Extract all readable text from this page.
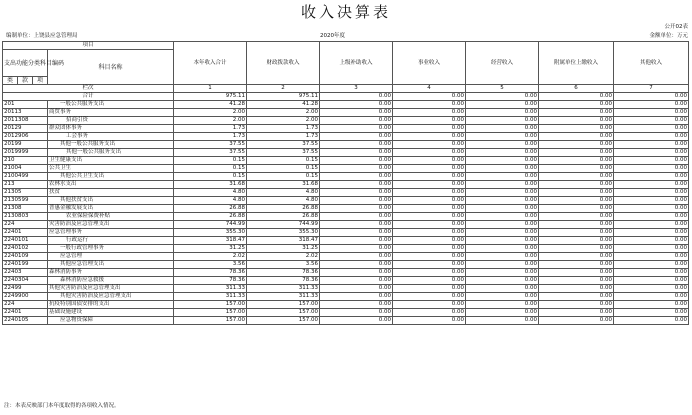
收入决算表
公开02表
编制单位：上饶县应急管理局	2020年度	金额单位：万元
项目				本年收入合计	财政拨款收入	上级补助收入	事业收入	经营收入	附属单位上缴收入	其他收入
支出功能分类科目编码			科目名称							
类	款	项								
栏次				1	2	3	4	5	6	7
合计				975.11	975.11	0.00	0.00	0.00	0.00	0.00
201			一般公共服务支出	41.28	41.28	0.00	0.00	0.00	0.00	0.00
20113			商贸事务	2.00	2.00	0.00	0.00	0.00	0.00	0.00
2011308			招商引资	2.00	2.00	0.00	0.00	0.00	0.00	0.00
20129			群众团体事务	1.73	1.73	0.00	0.00	0.00	0.00	0.00
2012906			工会事务	1.73	1.73	0.00	0.00	0.00	0.00	0.00
20199			其他一般公共服务支出	37.55	37.55	0.00	0.00	0.00	0.00	0.00
2019999			其他一般公共服务支出	37.55	37.55	0.00	0.00	0.00	0.00	0.00
210			卫生健康支出	0.15	0.15	0.00	0.00	0.00	0.00	0.00
21004			公共卫生	0.15	0.15	0.00	0.00	0.00	0.00	0.00
2100499			其他公共卫生支出	0.15	0.15	0.00	0.00	0.00	0.00	0.00
213			农林水支出	31.68	31.68	0.00	0.00	0.00	0.00	0.00
21305			扶贫	4.80	4.80	0.00	0.00	0.00	0.00	0.00
2130599			其他扶贫支出	4.80	4.80	0.00	0.00	0.00	0.00	0.00
21308			普惠金融发展支出	26.88	26.88	0.00	0.00	0.00	0.00	0.00
2130803			农业保险保费补贴	26.88	26.88	0.00	0.00	0.00	0.00	0.00
224			灾害防治及应急管理支出	744.99	744.99	0.00	0.00	0.00	0.00	0.00
22401			应急管理事务	355.30	355.30	0.00	0.00	0.00	0.00	0.00
2240101			行政运行	318.47	318.47	0.00	0.00	0.00	0.00	0.00
2240102			一般行政管理事务	31.25	31.25	0.00	0.00	0.00	0.00	0.00
2240109			应急管理	2.02	2.02	0.00	0.00	0.00	0.00	0.00
2240199			其他应急管理支出	3.56	3.56	0.00	0.00	0.00	0.00	0.00
22403			森林消防事务	78.36	78.36	0.00	0.00	0.00	0.00	0.00
2240304			森林消防应急救援	78.36	78.36	0.00	0.00	0.00	0.00	0.00
22499			其他灾害防治及应急管理支出	311.33	311.33	0.00	0.00	0.00	0.00	0.00
2249900			其他灾害防治及应急管理支出	311.33	311.33	0.00	0.00	0.00	0.00	0.00
224			抗疫特别国债安排的支出	157.00	157.00	0.00	0.00	0.00	0.00	0.00
22401			基础设施建设	157.00	157.00	0.00	0.00	0.00	0.00	0.00
2240105			应急物资保障	157.00	157.00	0.00	0.00	0.00	0.00	0.00
注：本表反映部门本年度取得的各项收入情况。
